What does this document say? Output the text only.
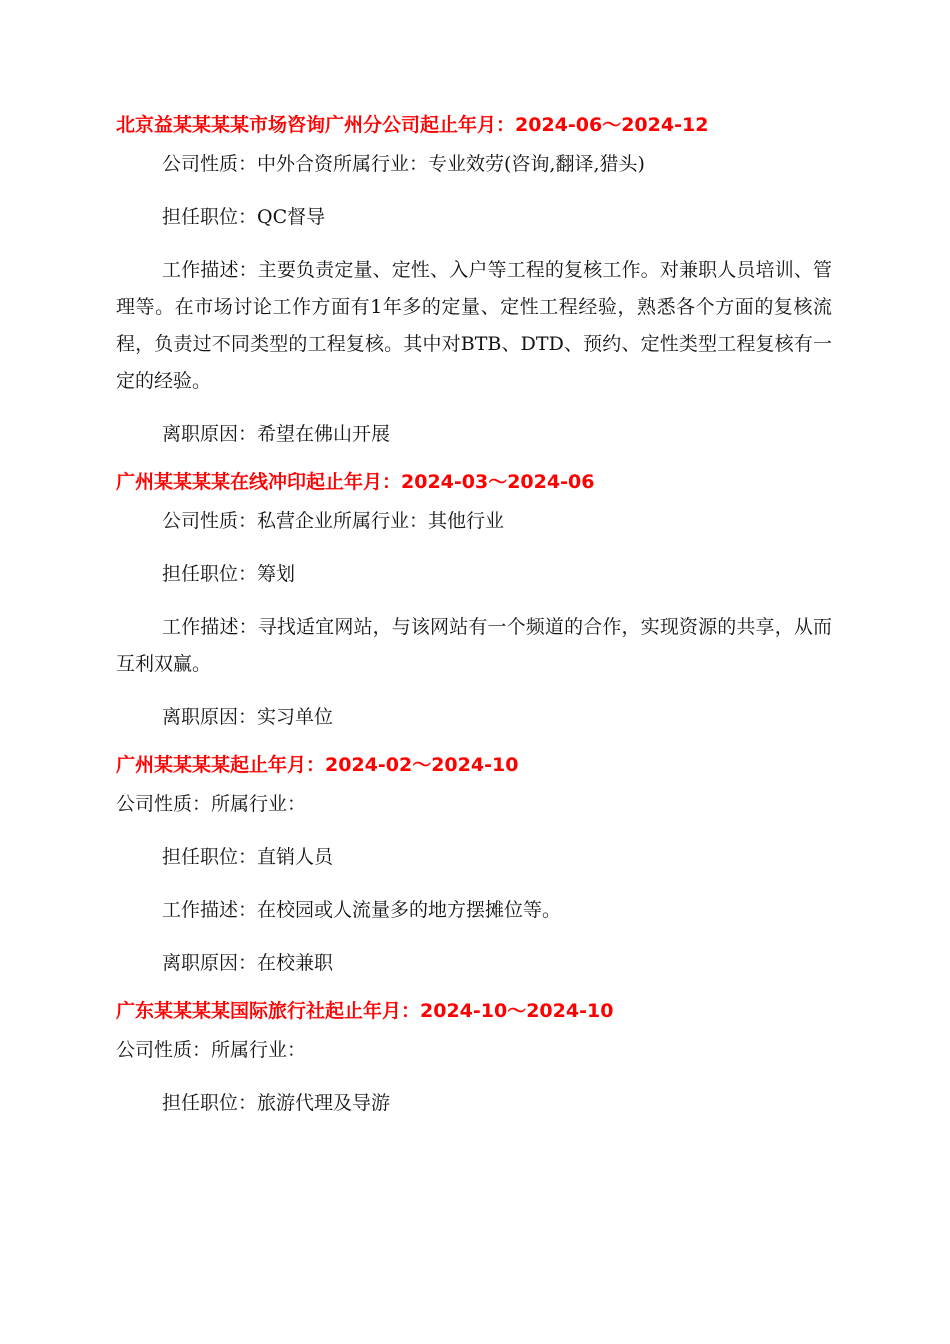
北京益某某某某市场咨询广州分公司起止年月：2024-06～2024-12

公司性质：中外合资所属行业：专业效劳(咨询,翻译,猎头)

担任职位：QC督导

工作描述：主要负责定量、定性、入户等工程的复核工作。对兼职人员培训、管理等。在市场讨论工作方面有1年多的定量、定性工程经验，熟悉各个方面的复核流程，负责过不同类型的工程复核。其中对BTB、DTD、预约、定性类型工程复核有一定的经验。

离职原因：希望在佛山开展

广州某某某某在线冲印起止年月：2024-03～2024-06

公司性质：私营企业所属行业：其他行业

担任职位：筹划

工作描述：寻找适宜网站，与该网站有一个频道的合作，实现资源的共享，从而互利双赢。

离职原因：实习单位

广州某某某某起止年月：2024-02～2024-10

公司性质：所属行业：

担任职位：直销人员

工作描述：在校园或人流量多的地方摆摊位等。

离职原因：在校兼职

广东某某某某国际旅行社起止年月：2024-10～2024-10

公司性质：所属行业：

担任职位：旅游代理及导游
